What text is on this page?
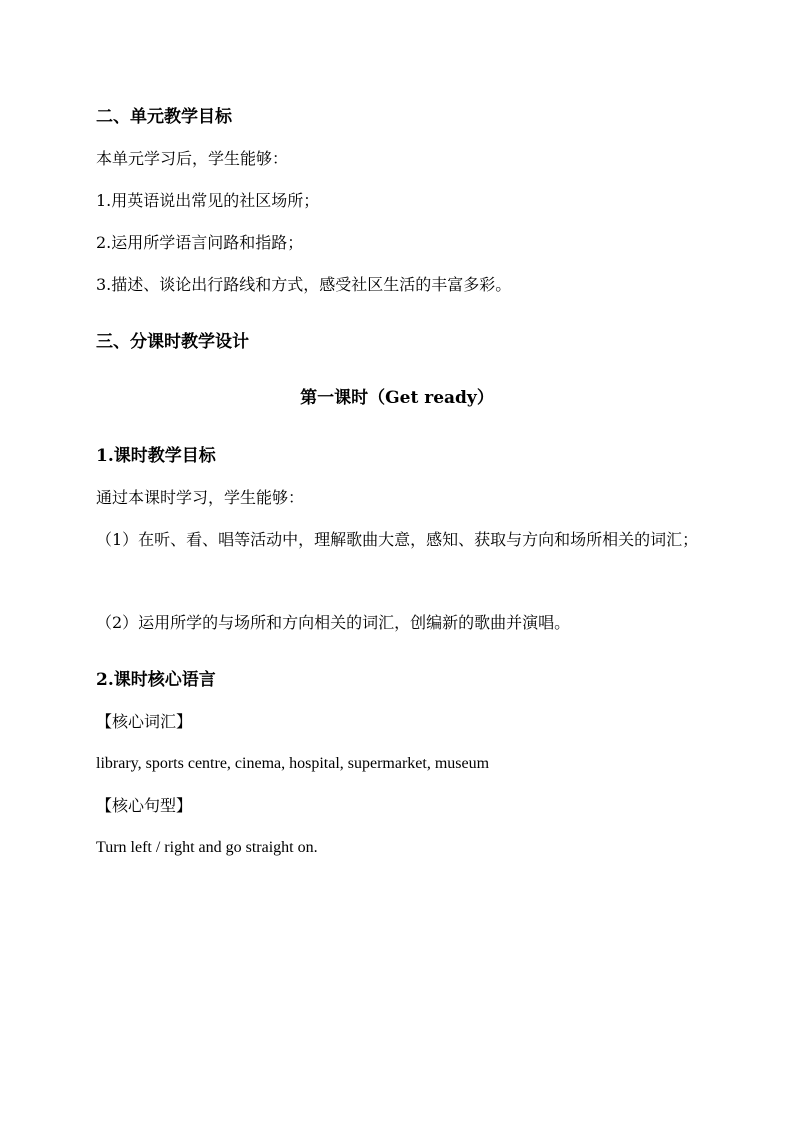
二、单元教学目标
本单元学习后，学生能够：
1.用英语说出常见的社区场所；
2.运用所学语言问路和指路；
3.描述、谈论出行路线和方式，感受社区生活的丰富多彩。
三、分课时教学设计
第一课时（Get ready）
1.课时教学目标
通过本课时学习，学生能够：
（1）在听、看、唱等活动中，理解歌曲大意，感知、获取与方向和场所相关的词汇；
（2）运用所学的与场所和方向相关的词汇，创编新的歌曲并演唱。
2.课时核心语言
【核心词汇】
library, sports centre, cinema, hospital, supermarket, museum
【核心句型】
Turn left / right and go straight on.
